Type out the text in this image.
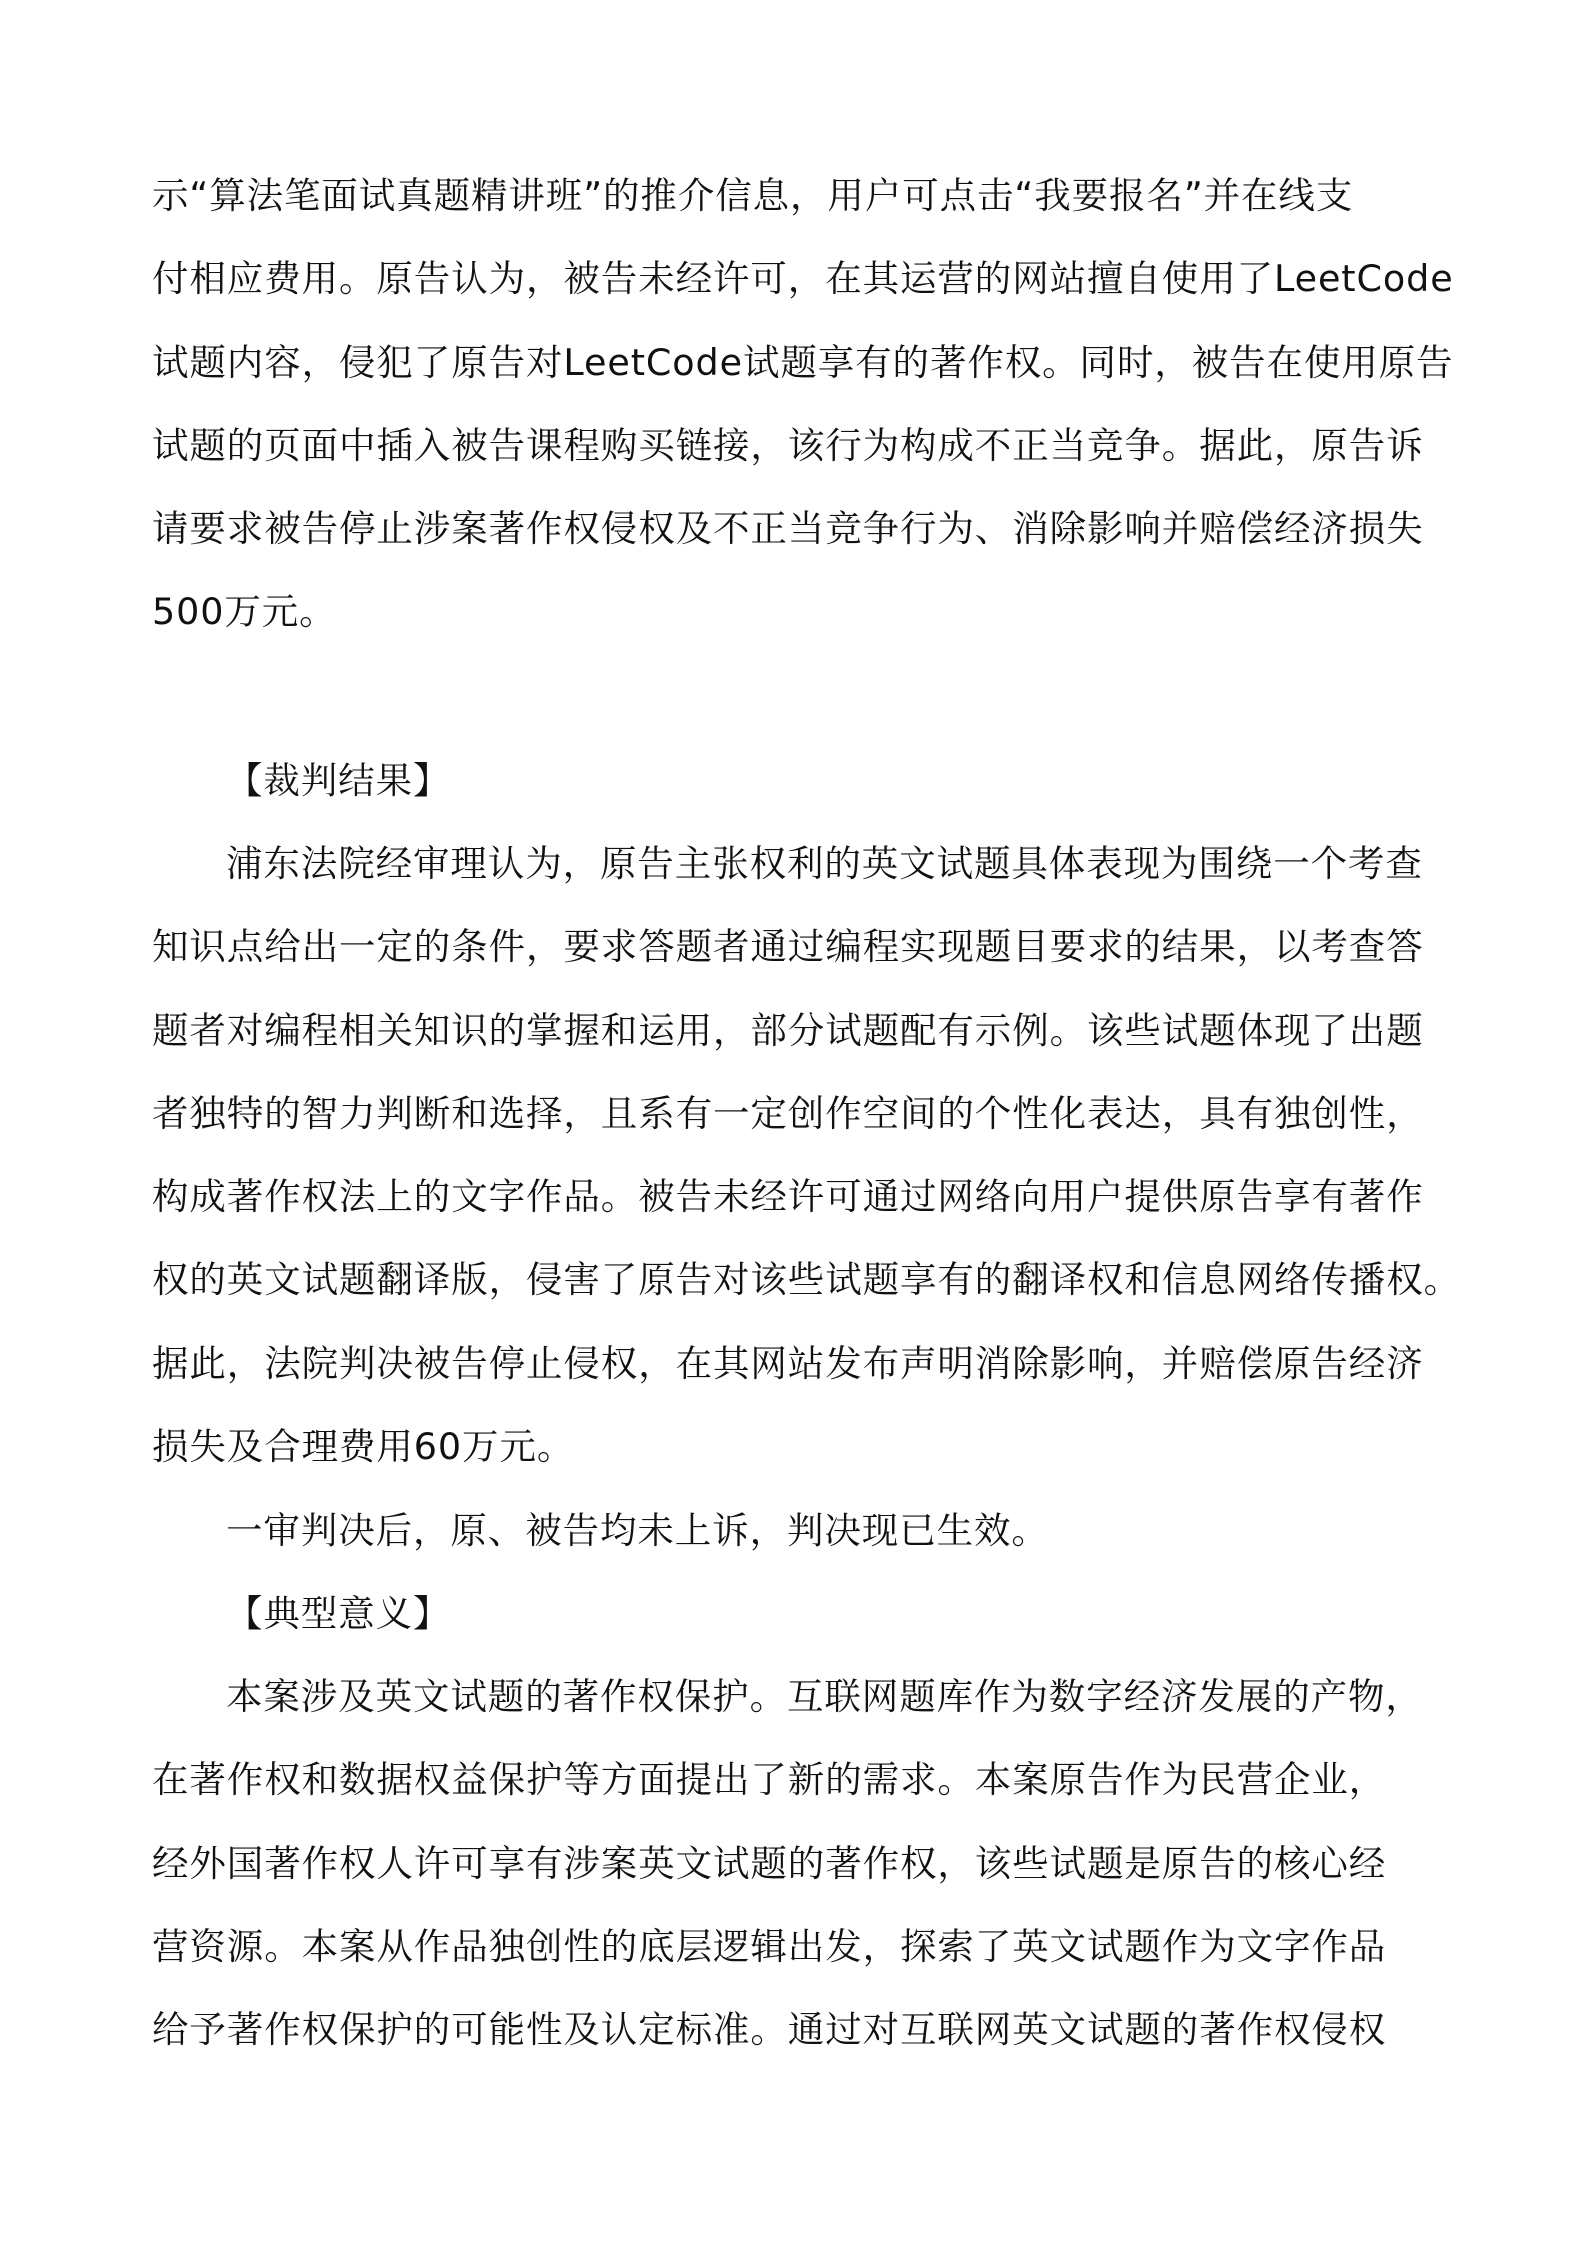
示“算法笔面试真题精讲班”的推介信息，用户可点击“我要报名”并在线支
付相应费用。原告认为，被告未经许可，在其运营的网站擅自使用了LeetCode
试题内容，侵犯了原告对LeetCode试题享有的著作权。同时，被告在使用原告
试题的页面中插入被告课程购买链接，该行为构成不正当竞争。据此，原告诉
请要求被告停止涉案著作权侵权及不正当竞争行为、消除影响并赔偿经济损失
500万元。
【裁判结果】
浦东法院经审理认为，原告主张权利的英文试题具体表现为围绕一个考查
知识点给出一定的条件，要求答题者通过编程实现题目要求的结果，以考查答
题者对编程相关知识的掌握和运用，部分试题配有示例。该些试题体现了出题
者独特的智力判断和选择，且系有一定创作空间的个性化表达，具有独创性，
构成著作权法上的文字作品。被告未经许可通过网络向用户提供原告享有著作
权的英文试题翻译版，侵害了原告对该些试题享有的翻译权和信息网络传播权。
据此，法院判决被告停止侵权，在其网站发布声明消除影响，并赔偿原告经济
损失及合理费用60万元。
一审判决后，原、被告均未上诉，判决现已生效。
【典型意义】
本案涉及英文试题的著作权保护。互联网题库作为数字经济发展的产物，
在著作权和数据权益保护等方面提出了新的需求。本案原告作为民营企业，
经外国著作权人许可享有涉案英文试题的著作权，该些试题是原告的核心经
营资源。本案从作品独创性的底层逻辑出发，探索了英文试题作为文字作品
给予著作权保护的可能性及认定标准。通过对互联网英文试题的著作权侵权
